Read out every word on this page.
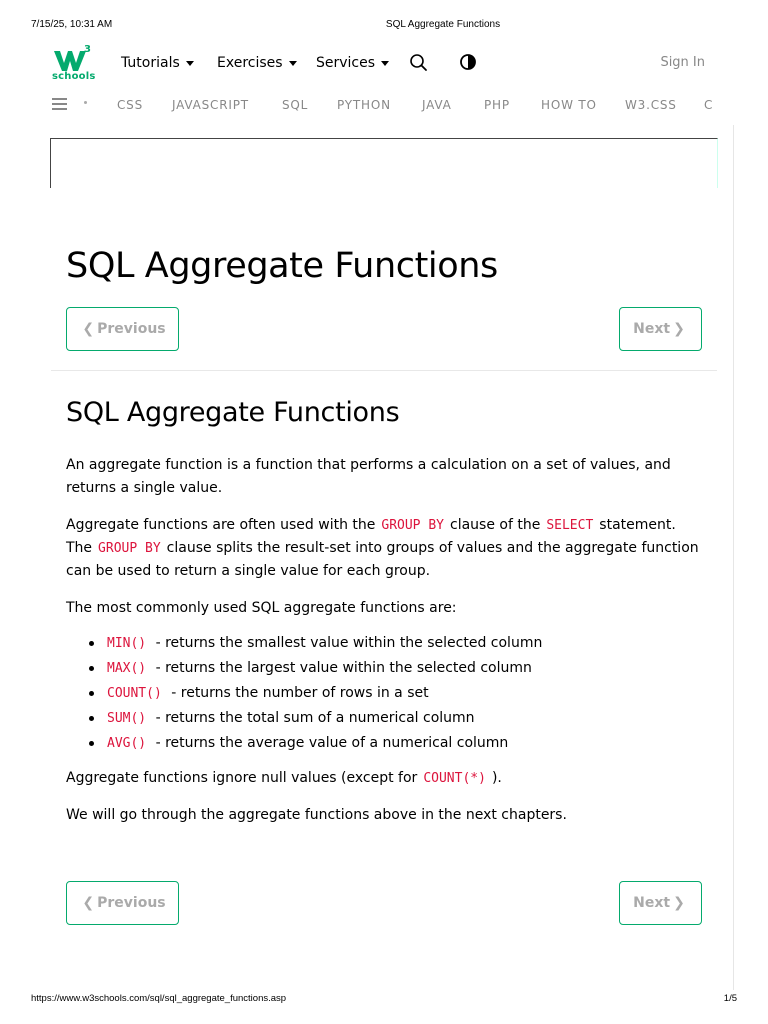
7/15/25, 10:31 AM	SQL Aggregate Functions
3
schools
Tutorials	Exercises Services	Sign In
CSS JAVASCRIPT	SQL PYTHON	JAVA	PHP	HOW TO W3.CSS C
SQL Aggregate Functions
❮ Previous	Next ❯
SQL Aggregate Functions

An aggregate function is a function that performs a calculation on a set of values, and returns a single value.

Aggregate functions are often used with the GROUP BY clause of the SELECT statement. The GROUP BY clause splits the result-set into groups of values and the aggregate function can be used to return a single value for each group.

The most commonly used SQL aggregate functions are:

MIN() - returns the smallest value within the selected column
MAX() - returns the largest value within the selected column
COUNT() - returns the number of rows in a set
SUM() - returns the total sum of a numerical column
AVG() - returns the average value of a numerical column

Aggregate functions ignore null values (except for COUNT(*) ).

We will go through the aggregate functions above in the next chapters.

❮ Previous	Next ❯
https://www.w3schools.com/sql/sql_aggregate_functions.asp	1/5
